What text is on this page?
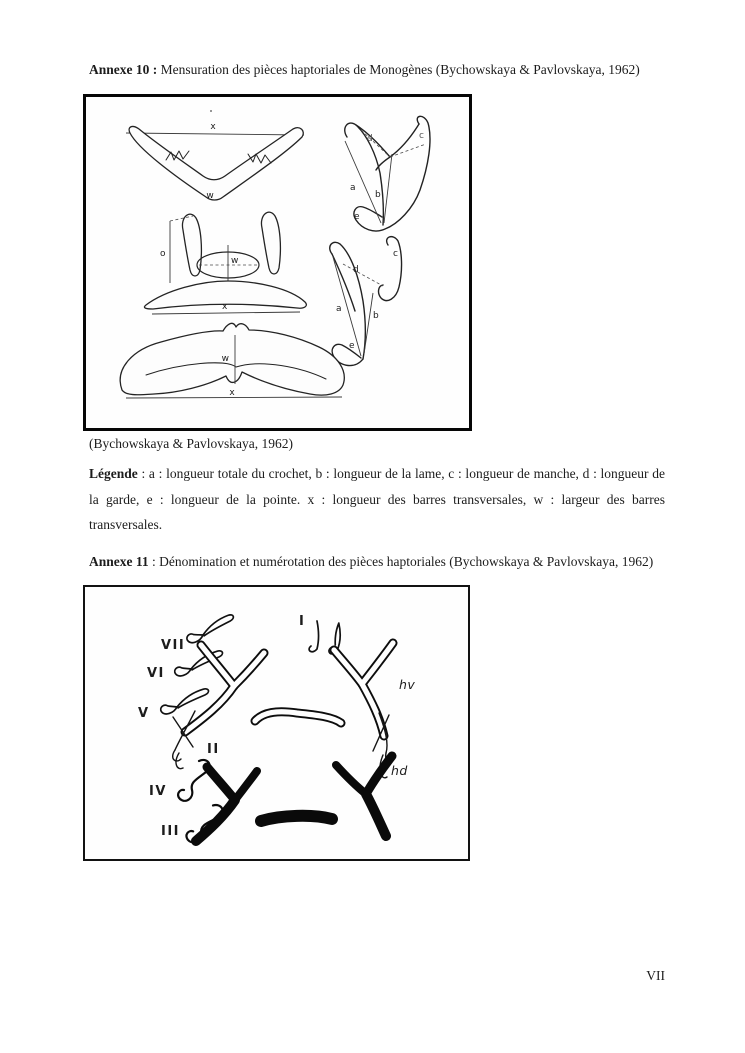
Annexe 10 : Mensuration des pièces haptoriales de Monogènes (Bychowskaya & Pavlovskaya, 1962)

x
w
a
b
d	c
e
w
o
x
d
c
a
b
e
w
x

(Bychowskaya & Pavlovskaya, 1962)

Légende : a : longueur totale du crochet, b : longueur de la lame, c : longueur de manche, d : longueur de la garde, e : longueur de la pointe. x : longueur des barres transversales, w : largeur des barres transversales.

Annexe 11 : Dénomination et numérotation des pièces haptoriales (Bychowskaya & Pavlovskaya, 1962)

I
VII
VI
V
II
hv
IV
III
hd
VII
